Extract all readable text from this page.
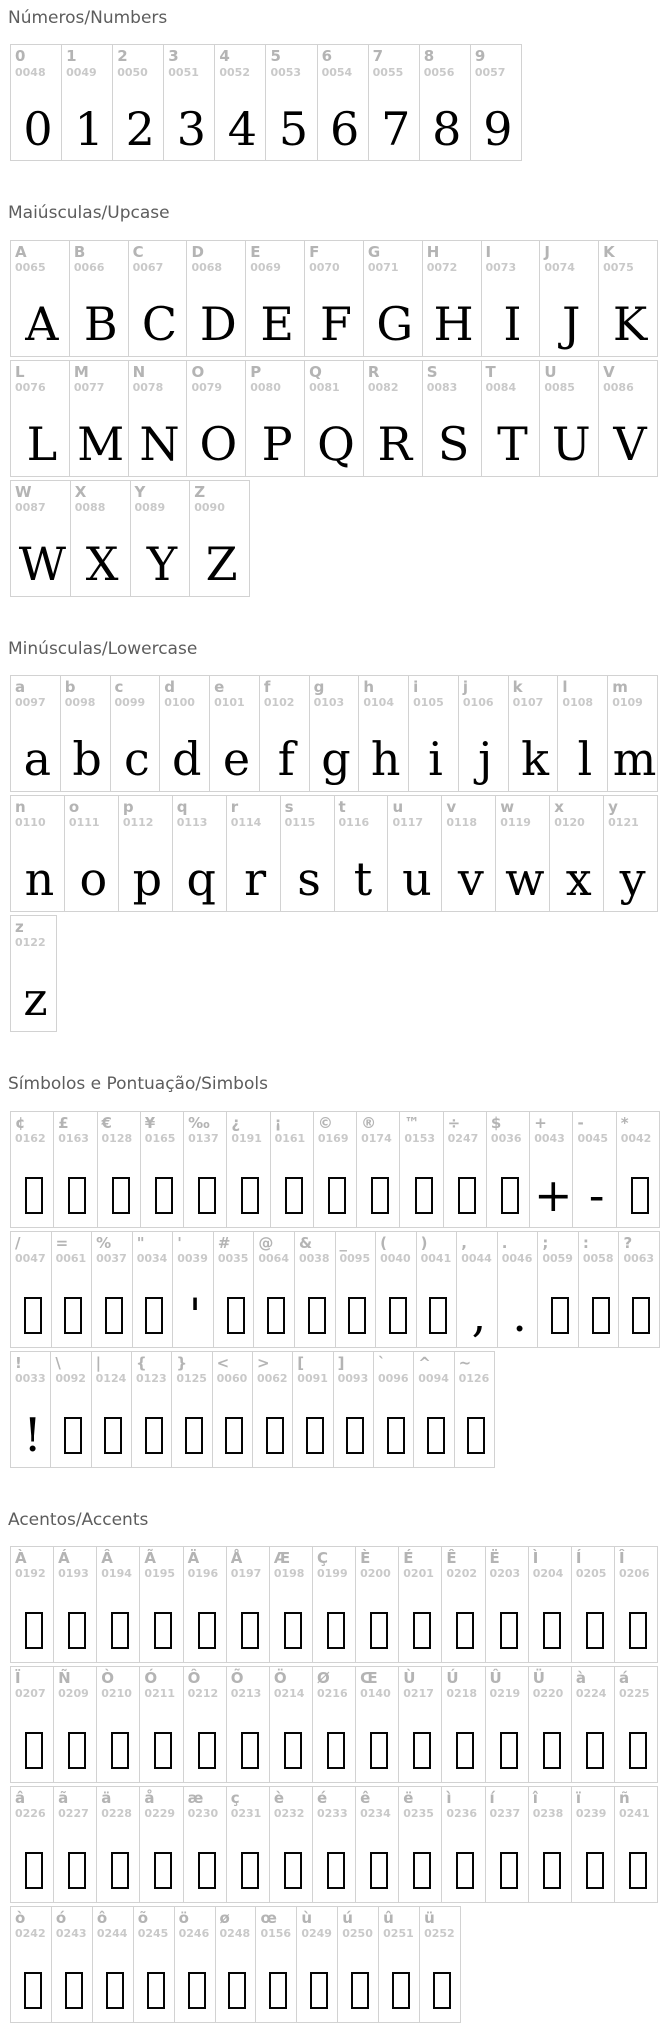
Números/Numbers
0
0048
0
1
0049
1
2
0050
2
3
0051
3
4
0052
4
5
0053
5
6
0054
6
7
0055
7
8
0056
8
9
0057
9
Maiúsculas/Upcase
A
0065
A
B
0066
B
C
0067
C
D
0068
D
E
0069
E
F
0070
F
G
0071
G
H
0072
H
I
0073
I
J
0074
J
K
0075
K
L
0076
L
M
0077
M
N
0078
N
O
0079
O
P
0080
P
Q
0081
Q
R
0082
R
S
0083
S
T
0084
T
U
0085
U
V
0086
V
W
0087
W
X
0088
X
Y
0089
Y
Z
0090
Z
Minúsculas/Lowercase
a
0097
a
b
0098
b
c
0099
c
d
0100
d
e
0101
e
f
0102
f
g
0103
g
h
0104
h
i
0105
i
j
0106
j
k
0107
k
l
0108
l
m
0109
m
n
0110
n
o
0111
o
p
0112
p
q
0113
q
r
0114
r
s
0115
s
t
0116
t
u
0117
u
v
0118
v
w
0119
w
x
0120
x
y
0121
y
z
0122
z
Símbolos e Pontuação/Simbols
¢
0162
£
0163
€
0128
¥
0165
‰
0137
¿
0191
¡
0161
©
0169
®
0174
™
0153
÷
0247
$
0036
+
0043
+
-
0045
-
*
0042
/
0047
=
0061
%
0037
"
0034
'
0039
'
#
0035
@
0064
&
0038
_
0095
(
0040
)
0041
,
0044
,
.
0046
.
;
0059
:
0058
?
0063
!
0033
!
\
0092
|
0124
{
0123
}
0125
<
0060
>
0062
[
0091
]
0093
`
0096
^
0094
~
0126
Acentos/Accents
À
0192
Á
0193
Â
0194
Ã
0195
Ä
0196
Å
0197
Æ
0198
Ç
0199
È
0200
É
0201
Ê
0202
Ë
0203
Ì
0204
Í
0205
Î
0206
Ï
0207
Ñ
0209
Ò
0210
Ó
0211
Ô
0212
Õ
0213
Ö
0214
Ø
0216
Œ
0140
Ù
0217
Ú
0218
Û
0219
Ü
0220
à
0224
á
0225
â
0226
ã
0227
ä
0228
å
0229
æ
0230
ç
0231
è
0232
é
0233
ê
0234
ë
0235
ì
0236
í
0237
î
0238
ï
0239
ñ
0241
ò
0242
ó
0243
ô
0244
õ
0245
ö
0246
ø
0248
œ
0156
ù
0249
ú
0250
û
0251
ü
0252
